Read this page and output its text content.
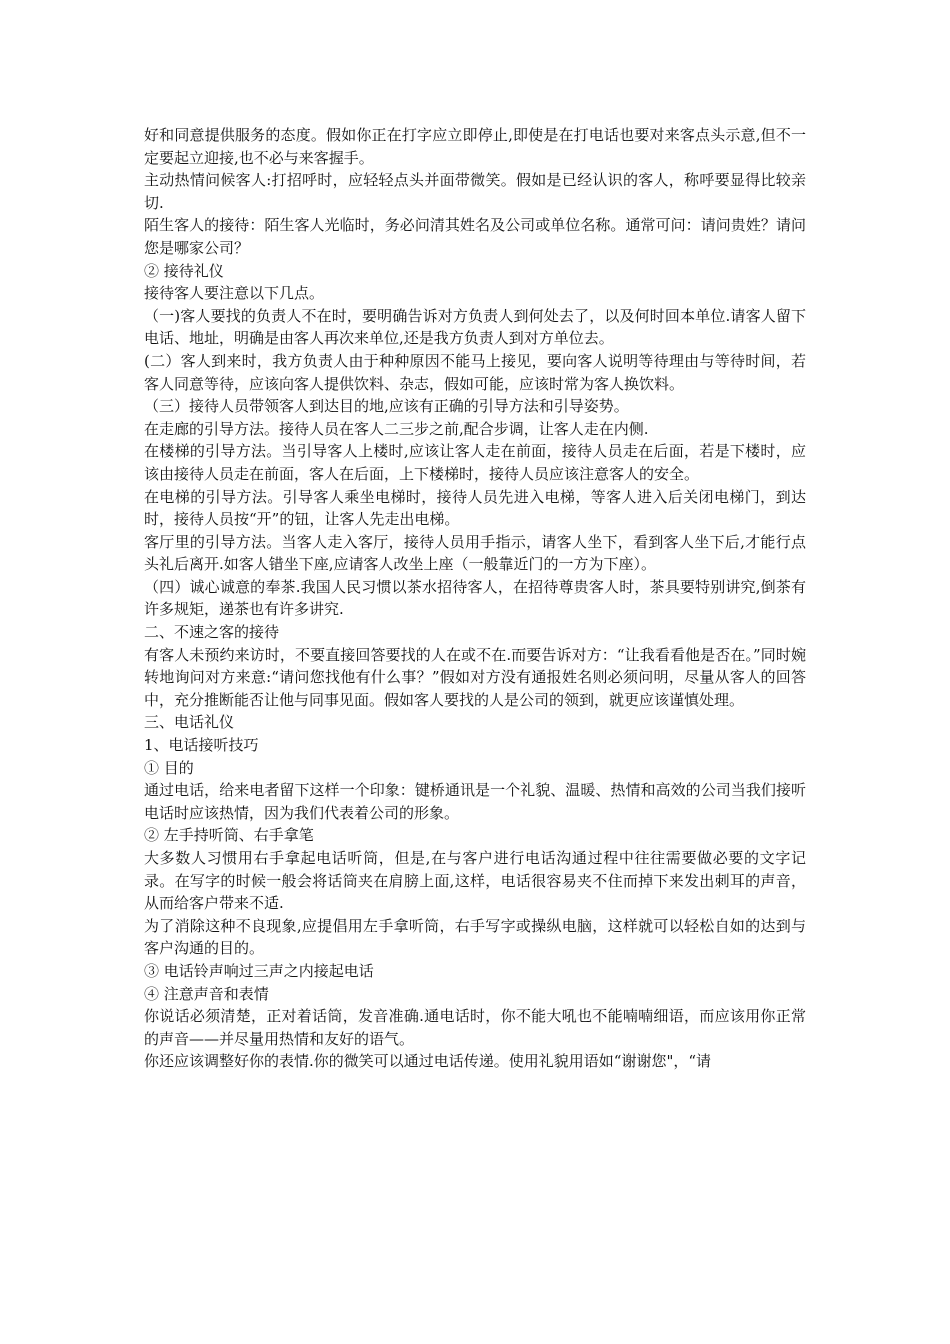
好和同意提供服务的态度。假如你正在打字应立即停止,即使是在打电话也要对来客点头示意,但不一定要起立迎接,也不必与来客握手。

主动热情问候客人:打招呼时，应轻轻点头并面带微笑。假如是已经认识的客人，称呼要显得比较亲切.

陌生客人的接待：陌生客人光临时，务必问清其姓名及公司或单位名称。通常可问：请问贵姓？请问您是哪家公司？

② 接待礼仪

接待客人要注意以下几点。

（一)客人要找的负责人不在时，要明确告诉对方负责人到何处去了，以及何时回本单位.请客人留下电话、地址，明确是由客人再次来单位,还是我方负责人到对方单位去。

(二）客人到来时，我方负责人由于种种原因不能马上接见，要向客人说明等待理由与等待时间，若客人同意等待，应该向客人提供饮料、杂志，假如可能，应该时常为客人换饮料。

（三）接待人员带领客人到达目的地,应该有正确的引导方法和引导姿势。

在走廊的引导方法。接待人员在客人二三步之前,配合步调，让客人走在内侧.

在楼梯的引导方法。当引导客人上楼时,应该让客人走在前面，接待人员走在后面，若是下楼时，应该由接待人员走在前面，客人在后面，上下楼梯时，接待人员应该注意客人的安全。

在电梯的引导方法。引导客人乘坐电梯时，接待人员先进入电梯，等客人进入后关闭电梯门，到达时，接待人员按“开”的钮，让客人先走出电梯。

客厅里的引导方法。当客人走入客厅，接待人员用手指示，请客人坐下，看到客人坐下后,才能行点头礼后离开.如客人错坐下座,应请客人改坐上座（一般靠近门的一方为下座）。

（四）诚心诚意的奉茶.我国人民习惯以茶水招待客人，在招待尊贵客人时，茶具要特别讲究,倒茶有许多规矩，递茶也有许多讲究.

二、不速之客的接待

有客人未预约来访时，不要直接回答要找的人在或不在.而要告诉对方：“让我看看他是否在。”同时婉转地询问对方来意:“请问您找他有什么事？”假如对方没有通报姓名则必须问明，尽量从客人的回答中，充分推断能否让他与同事见面。假如客人要找的人是公司的领到，就更应该谨慎处理。

三、电话礼仪

1、电话接听技巧

① 目的

通过电话，给来电者留下这样一个印象：键桥通讯是一个礼貌、温暖、热情和高效的公司当我们接听电话时应该热情，因为我们代表着公司的形象。

② 左手持听筒、右手拿笔

大多数人习惯用右手拿起电话听筒，但是,在与客户进行电话沟通过程中往往需要做必要的文字记录。在写字的时候一般会将话筒夹在肩膀上面,这样，电话很容易夹不住而掉下来发出刺耳的声音，从而给客户带来不适.

为了消除这种不良现象,应提倡用左手拿听筒，右手写字或操纵电脑，这样就可以轻松自如的达到与客户沟通的目的。

③ 电话铃声响过三声之内接起电话

④ 注意声音和表情

你说话必须清楚，正对着话筒，发音准确.通电话时，你不能大吼也不能喃喃细语，而应该用你正常的声音——并尽量用热情和友好的语气。

你还应该调整好你的表情.你的微笑可以通过电话传递。使用礼貌用语如“谢谢您"，“请
